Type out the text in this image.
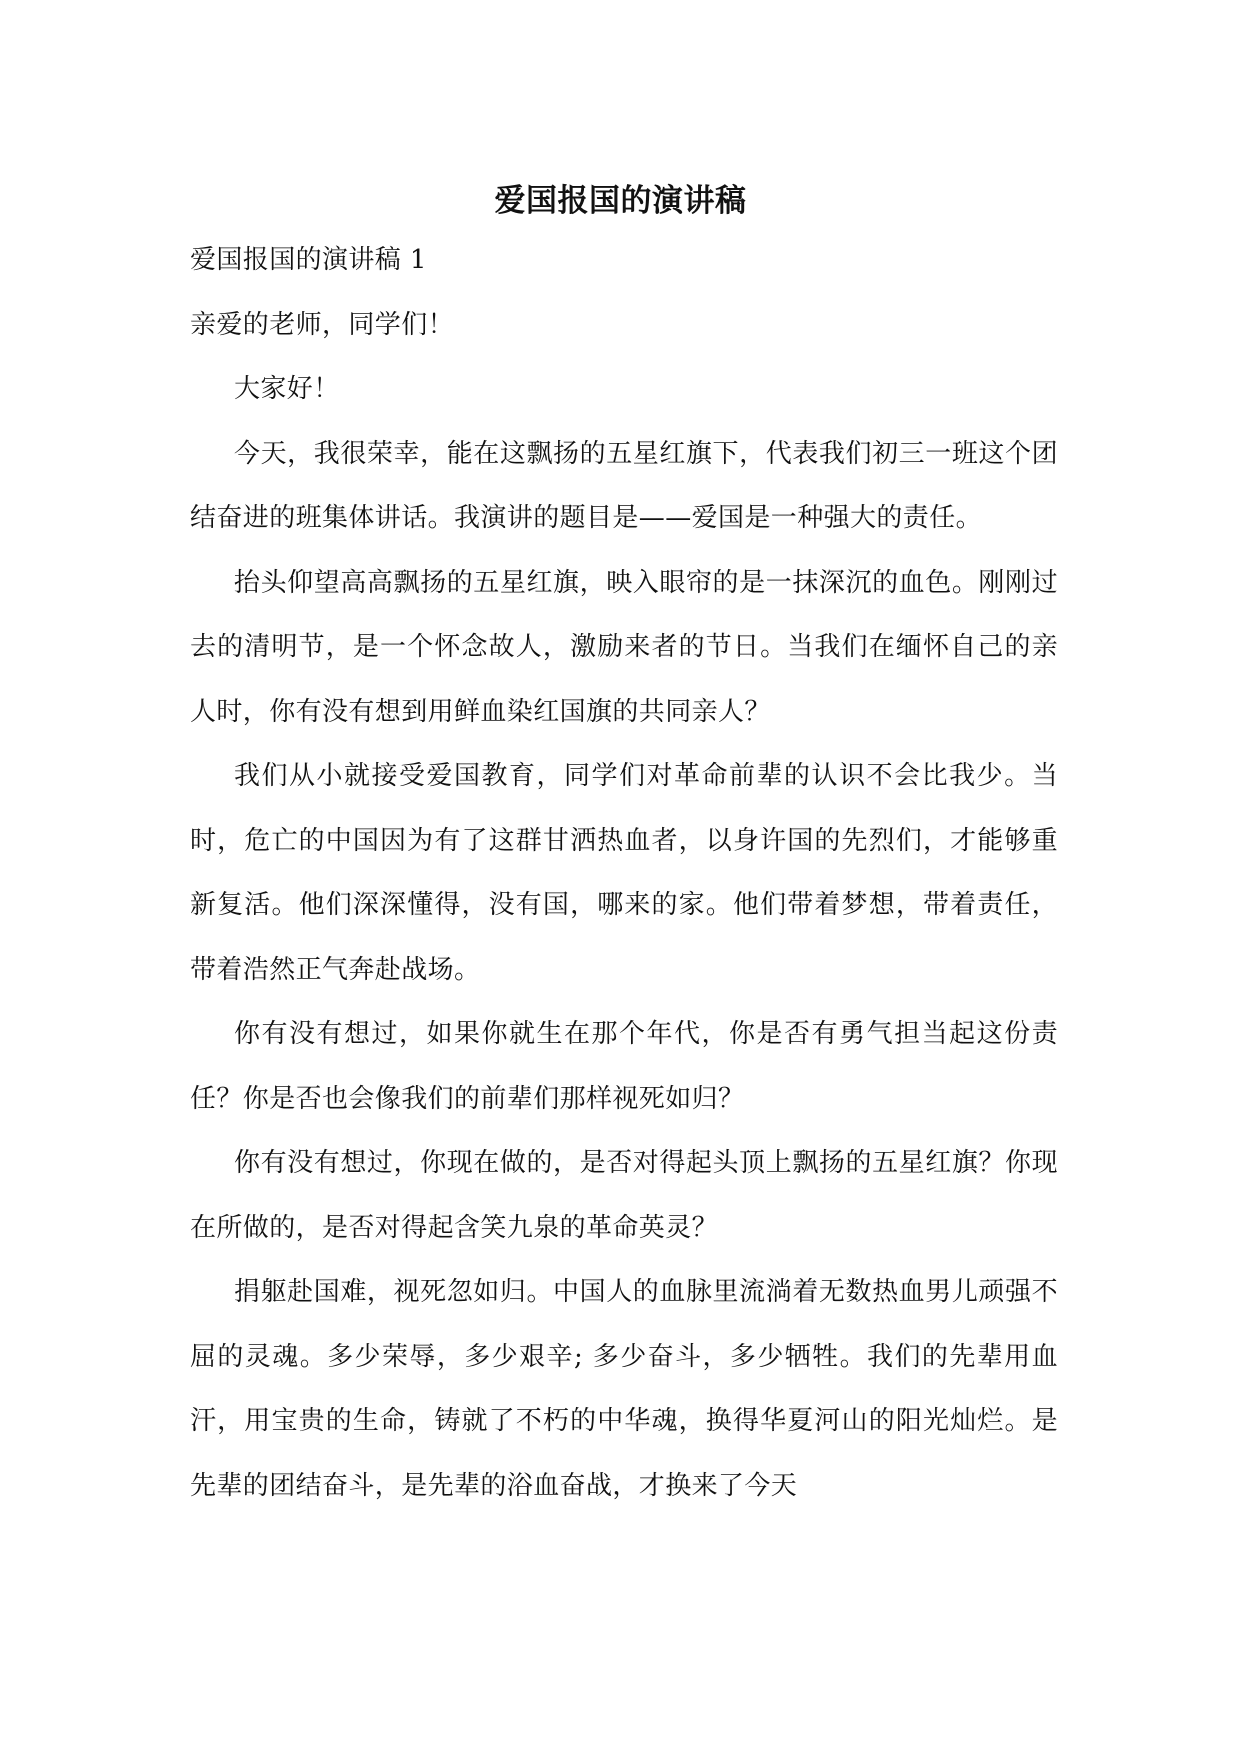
爱国报国的演讲稿

爱国报国的演讲稿 1

亲爱的老师，同学们！

大家好！

今天，我很荣幸，能在这飘扬的五星红旗下，代表我们初三一班这个团结奋进的班集体讲话。我演讲的题目是——爱国是一种强大的责任。

抬头仰望高高飘扬的五星红旗，映入眼帘的是一抹深沉的血色。刚刚过去的清明节，是一个怀念故人，激励来者的节日。当我们在缅怀自己的亲人时，你有没有想到用鲜血染红国旗的共同亲人？

我们从小就接受爱国教育，同学们对革命前辈的认识不会比我少。当时，危亡的中国因为有了这群甘洒热血者，以身许国的先烈们，才能够重新复活。他们深深懂得，没有国，哪来的家。他们带着梦想，带着责任，带着浩然正气奔赴战场。

你有没有想过，如果你就生在那个年代，你是否有勇气担当起这份责任？你是否也会像我们的前辈们那样视死如归？

你有没有想过，你现在做的，是否对得起头顶上飘扬的五星红旗？你现在所做的，是否对得起含笑九泉的革命英灵？

捐躯赴国难，视死忽如归。中国人的血脉里流淌着无数热血男儿顽强不屈的灵魂。多少荣辱，多少艰辛; 多少奋斗，多少牺牲。我们的先辈用血汗，用宝贵的生命，铸就了不朽的中华魂，换得华夏河山的阳光灿烂。是先辈的团结奋斗，是先辈的浴血奋战，才换来了今天
